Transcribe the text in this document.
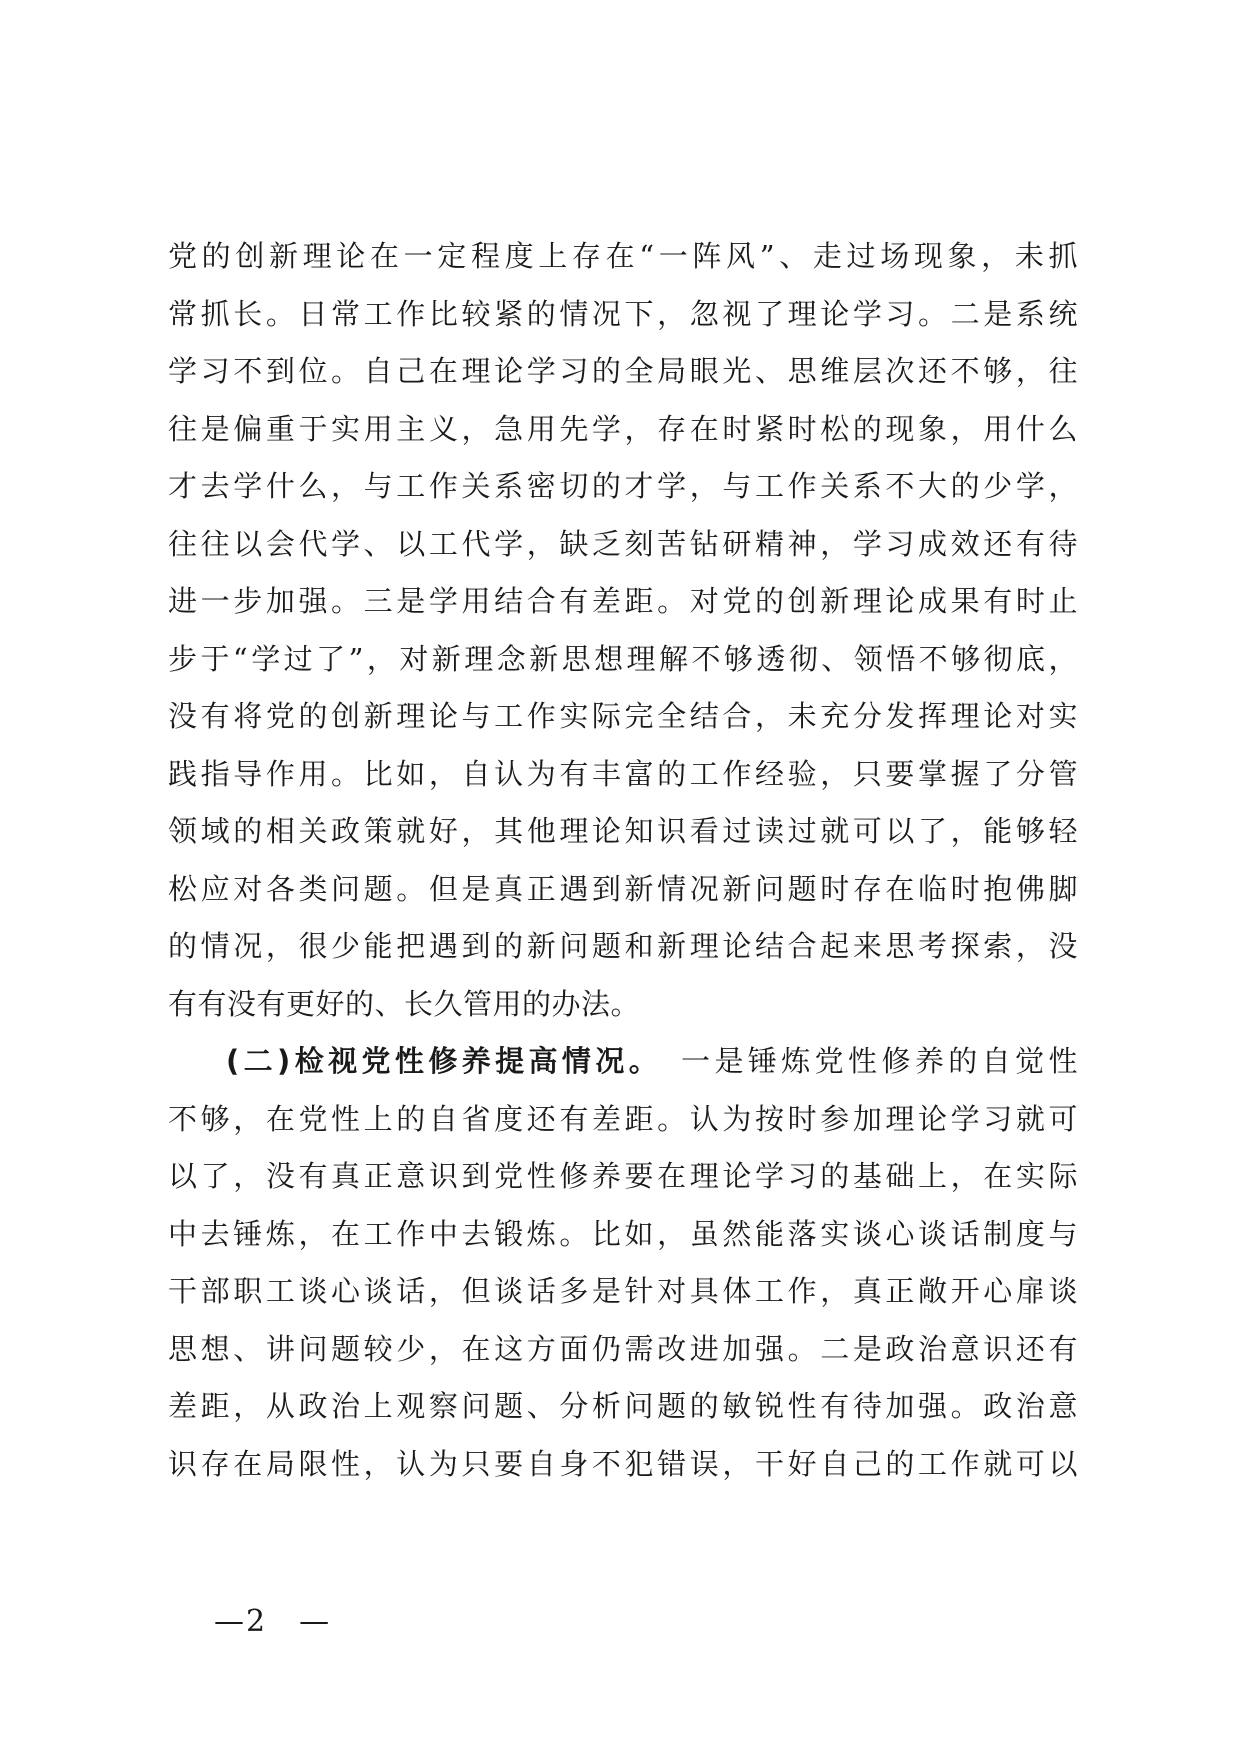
党的创新理论在一定程度上存在“一阵风”、走过场现象，未抓
常抓长。日常工作比较紧的情况下，忽视了理论学习。二是系统
学习不到位。自己在理论学习的全局眼光、思维层次还不够，往
往是偏重于实用主义，急用先学，存在时紧时松的现象，用什么
才去学什么，与工作关系密切的才学，与工作关系不大的少学，
往往以会代学、以工代学，缺乏刻苦钻研精神，学习成效还有待
进一步加强。三是学用结合有差距。对党的创新理论成果有时止
步于“学过了”，对新理念新思想理解不够透彻、领悟不够彻底，
没有将党的创新理论与工作实际完全结合，未充分发挥理论对实
践指导作用。比如，自认为有丰富的工作经验，只要掌握了分管
领域的相关政策就好，其他理论知识看过读过就可以了，能够轻
松应对各类问题。但是真正遇到新情况新问题时存在临时抱佛脚
的情况，很少能把遇到的新问题和新理论结合起来思考探索，没
有有没有更好的、长久管用的办法。
(二)检视党性修养提高情况。　 一是锤炼党性修养的自觉性
不够，在党性上的自省度还有差距。认为按时参加理论学习就可
以了，没有真正意识到党性修养要在理论学习的基础上，在实际
中去锤炼，在工作中去锻炼。比如，虽然能落实谈心谈话制度与
干部职工谈心谈话，但谈话多是针对具体工作，真正敞开心扉谈
思想、讲问题较少，在这方面仍需改进加强。二是政治意识还有
差距，从政治上观察问题、分析问题的敏锐性有待加强。政治意
识存在局限性，认为只要自身不犯错误，干好自己的工作就可以
—2　—
